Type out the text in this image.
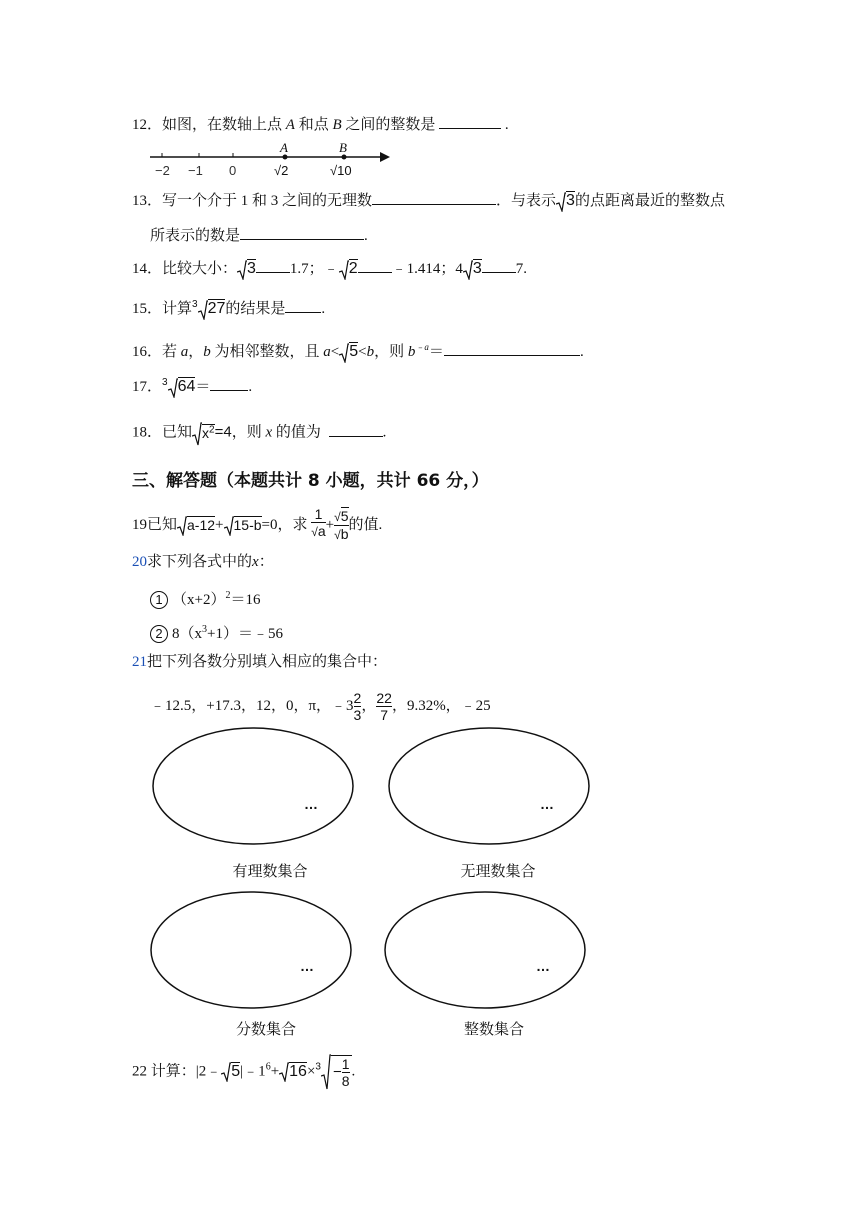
12．如图，在数轴上点 A 和点 B 之间的整数是	.
−2 −1 0
A	B
√2	√10
13．写一个介于 1 和 3 之间的无理数	．与表示 3的点距离最近的整数点
所表示的数是	.
14．比较大小： 3 1.7；﹣ 2 ﹣1.414；4 3 7.
15．计算$^3$ 27的结果是 .
16．若 a，b 为相邻整数，且 a< 5<b，则 $b^{﹣a}=$	.
17．$^3$ 64＝	.
18．已知 $x^2=4$，则 x 的值为	.
三、解答题（本题共计 8 小题，共计 66 分，）
19已知 a-12+ 15-b=0，求 $\frac{1}{√a} + \frac{√5}{√b}$ 的值.
20求下列各式中的x：
1 $(x+2)^2=16$
2 $8(x^3+1)=﹣56$
21把下列各数分别填入相应的集合中：
﹣12.5，+17.3，12，0，π，﹣3 $\frac{2}{3}$ ， $\frac{22}{7}$ ，9.32%，﹣25
…
有理数集合
…
无理数集合
…
分数集合
…
整数集合
22 计算：|2﹣ $5|﹣1^6+ 16\times^3 - \frac{1}{8}$ .
